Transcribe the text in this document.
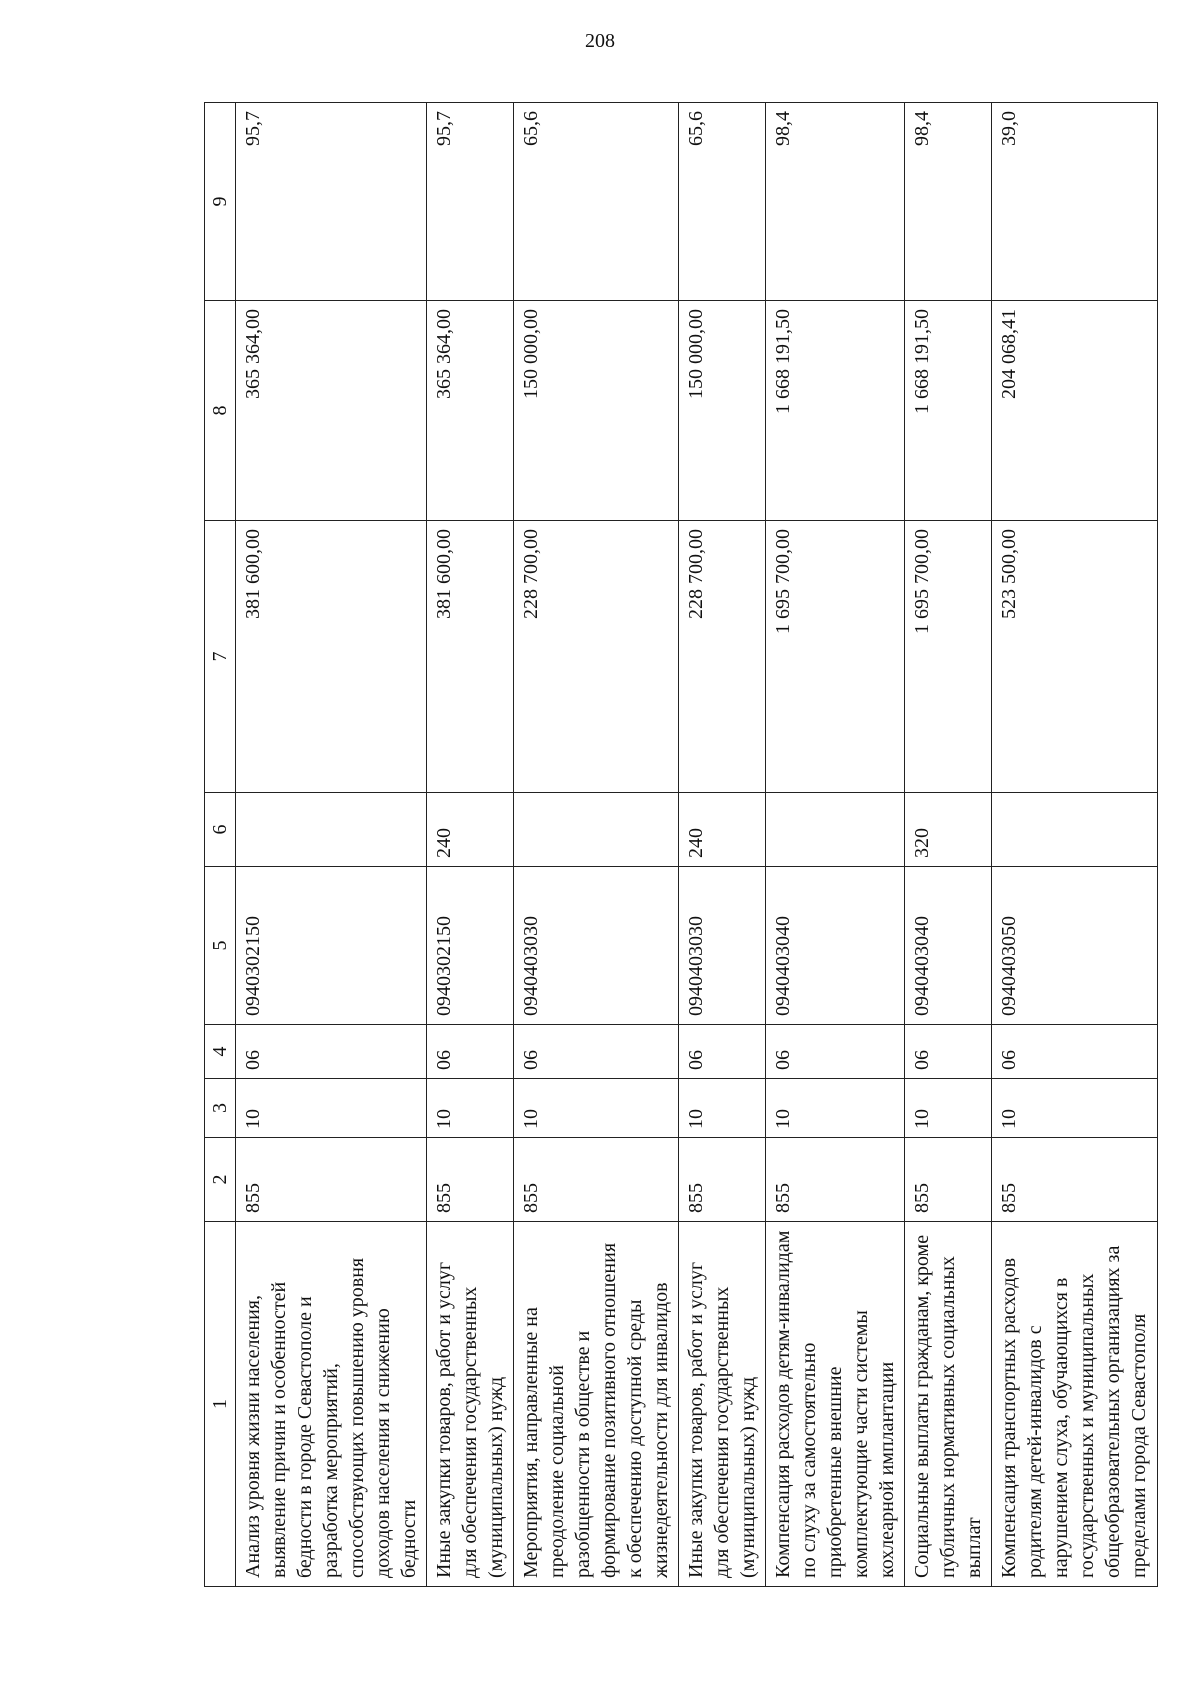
208
1	2	3	4	5	6	7	8	9
Анализ уровня жизни населения, выявление причин и особенностей бедности в городе Севастополе и разработка мероприятий, способствующих повышению уровня доходов населения и снижению бедности	855	10	06	0940302150		381 600,00	365 364,00	95,7
Иные закупки товаров, работ и услуг для обеспечения государственных (муниципальных) нужд	855	10	06	0940302150	240	381 600,00	365 364,00	95,7
Мероприятия, направленные на преодоление социальной разобщенности в обществе и формирование позитивного отношения к обеспечению доступной среды жизнедеятельности для инвалидов	855	10	06	0940403030		228 700,00	150 000,00	65,6
Иные закупки товаров, работ и услуг для обеспечения государственных (муниципальных) нужд	855	10	06	0940403030	240	228 700,00	150 000,00	65,6
Компенсация расходов детям-инвалидам по слуху за самостоятельно приобретенные внешние комплектующие части системы кохлеарной имплантации	855	10	06	0940403040		1 695 700,00	1 668 191,50	98,4
Социальные выплаты гражданам, кроме публичных нормативных социальных выплат	855	10	06	0940403040	320	1 695 700,00	1 668 191,50	98,4
Компенсация транспортных расходов родителям детей-инвалидов с нарушением слуха, обучающихся в государственных и муниципальных общеобразовательных организациях за пределами города Севастополя	855	10	06	0940403050		523 500,00	204 068,41	39,0
